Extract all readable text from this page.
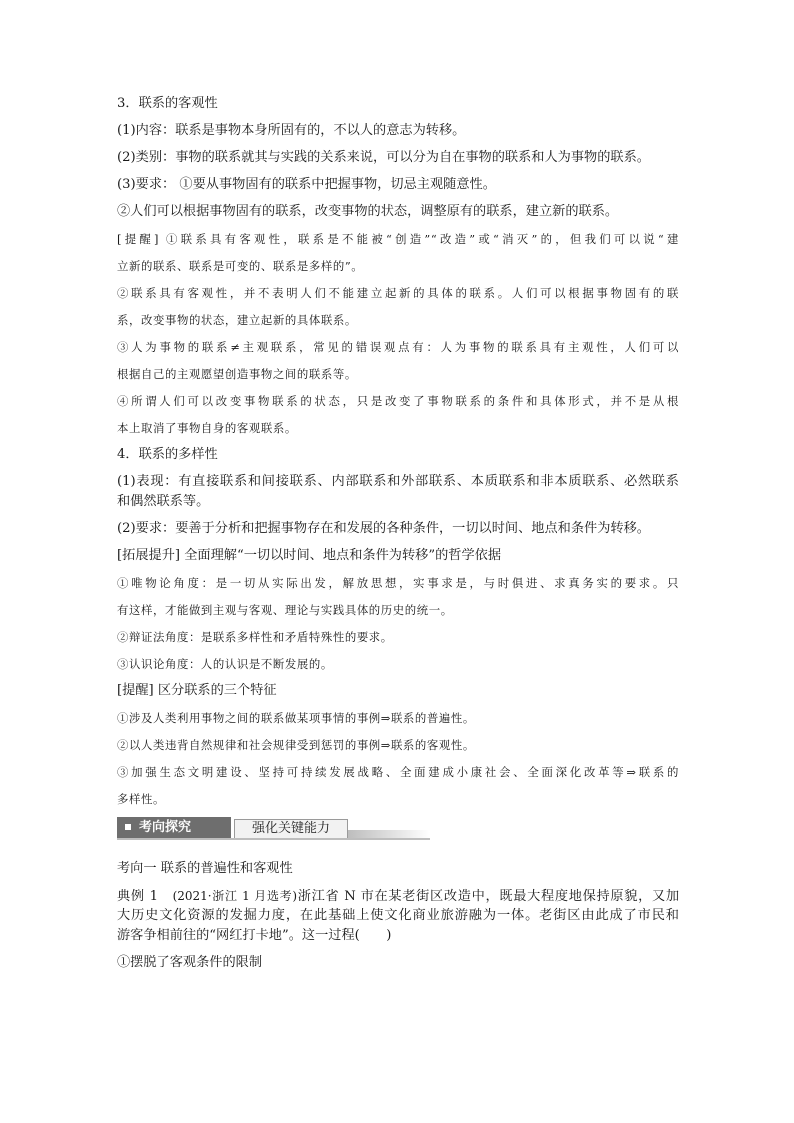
3．联系的客观性
(1)内容：联系是事物本身所固有的，不以人的意志为转移。
(2)类别：事物的联系就其与实践的关系来说，可以分为自在事物的联系和人为事物的联系。
(3)要求： ①要从事物固有的联系中把握事物，切忌主观随意性。
②人们可以根据事物固有的联系，改变事物的状态，调整原有的联系，建立新的联系。
[提醒] ①联系具有客观性，联系是不能被“创造”“改造”或“消灭”的，但我们可以说“建
立新的联系、联系是可变的、联系是多样的”。
②联系具有客观性，并不表明人们不能建立起新的具体的联系。人们可以根据事物固有的联
系，改变事物的状态，建立起新的具体联系。
③人为事物的联系≠主观联系，常见的错误观点有：人为事物的联系具有主观性，人们可以
根据自己的主观愿望创造事物之间的联系等。
④所谓人们可以改变事物联系的状态，只是改变了事物联系的条件和具体形式，并不是从根
本上取消了事物自身的客观联系。
4．联系的多样性
(1)表现：有直接联系和间接联系、内部联系和外部联系、本质联系和非本质联系、必然联系
和偶然联系等。
(2)要求：要善于分析和把握事物存在和发展的各种条件，一切以时间、地点和条件为转移。
[拓展提升] 全面理解“一切以时间、地点和条件为转移”的哲学依据
①唯物论角度：是一切从实际出发，解放思想，实事求是，与时俱进、求真务实的要求。只
有这样，才能做到主观与客观、理论与实践具体的历史的统一。
②辩证法角度：是联系多样性和矛盾特殊性的要求。
③认识论角度：人的认识是不断发展的。
[提醒] 区分联系的三个特征
①涉及人类利用事物之间的联系做某项事情的事例⇒联系的普遍性。
②以人类违背自然规律和社会规律受到惩罚的事例⇒联系的客观性。
③加强生态文明建设、坚持可持续发展战略、全面建成小康社会、全面深化改革等⇒联系的
多样性。
考向探究	强化关键能力
考向一 联系的普遍性和客观性
典例 1　 (2021·浙江 1 月选考)浙江省 N 市在某老街区改造中，既最大程度地保持原貌，又加
大历史文化资源的发掘力度，在此基础上使文化商业旅游融为一体。老街区由此成了市民和
游客争相前往的“网红打卡地”。这一过程(　　)
①摆脱了客观条件的限制
